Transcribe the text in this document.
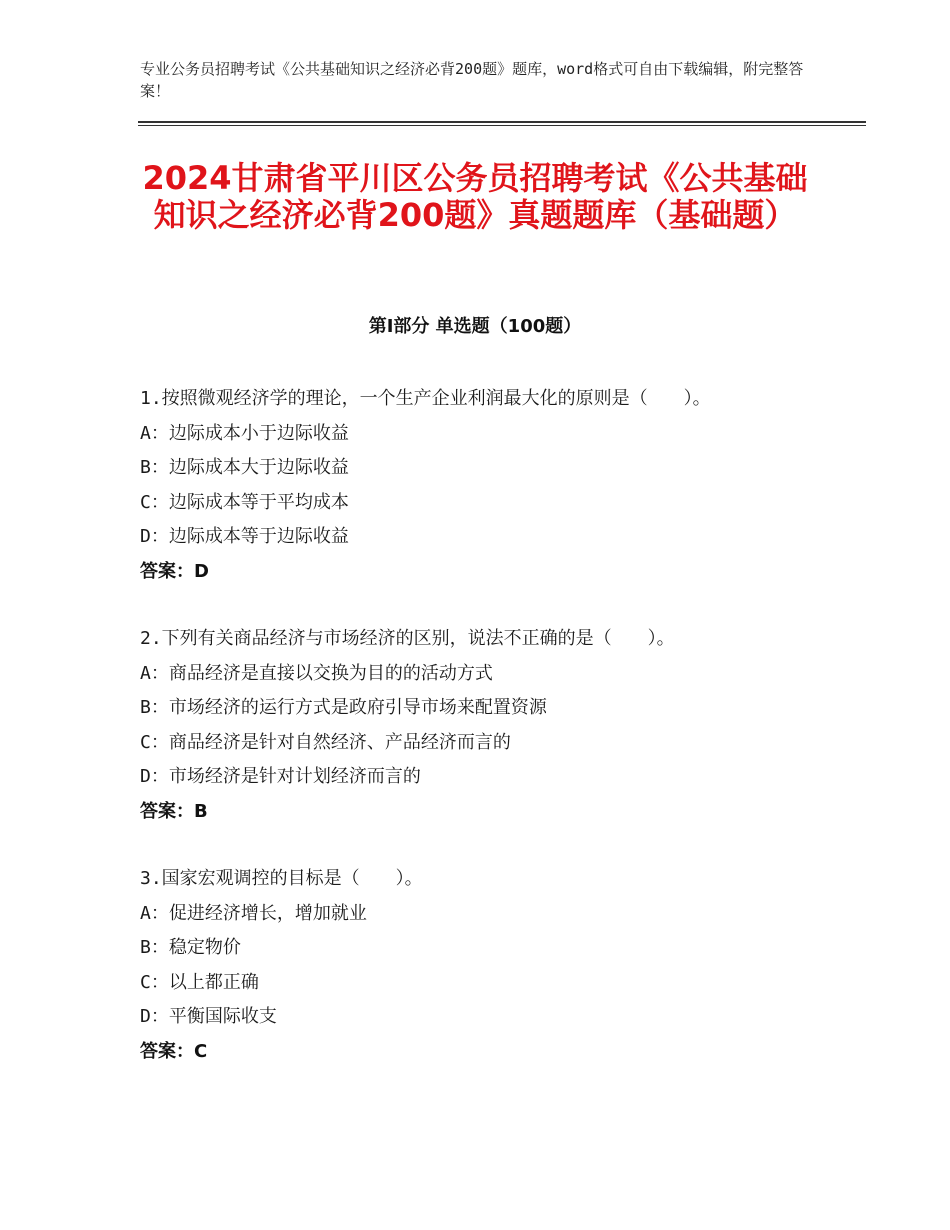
专业公务员招聘考试《公共基础知识之经济必背200题》题库，word格式可自由下载编辑，附完整答案！
2024甘肃省平川区公务员招聘考试《公共基础知识之经济必背200题》真题题库（基础题）
第Ⅰ部分 单选题（100题）
1.按照微观经济学的理论，一个生产企业利润最大化的原则是（　　）。
A：边际成本小于边际收益
B：边际成本大于边际收益
C：边际成本等于平均成本
D：边际成本等于边际收益
答案：D
2.下列有关商品经济与市场经济的区别，说法不正确的是（　　）。
A：商品经济是直接以交换为目的的活动方式
B：市场经济的运行方式是政府引导市场来配置资源
C：商品经济是针对自然经济、产品经济而言的
D：市场经济是针对计划经济而言的
答案：B
3.国家宏观调控的目标是（　　）。
A：促进经济增长，增加就业
B：稳定物价
C：以上都正确
D：平衡国际收支
答案：C
